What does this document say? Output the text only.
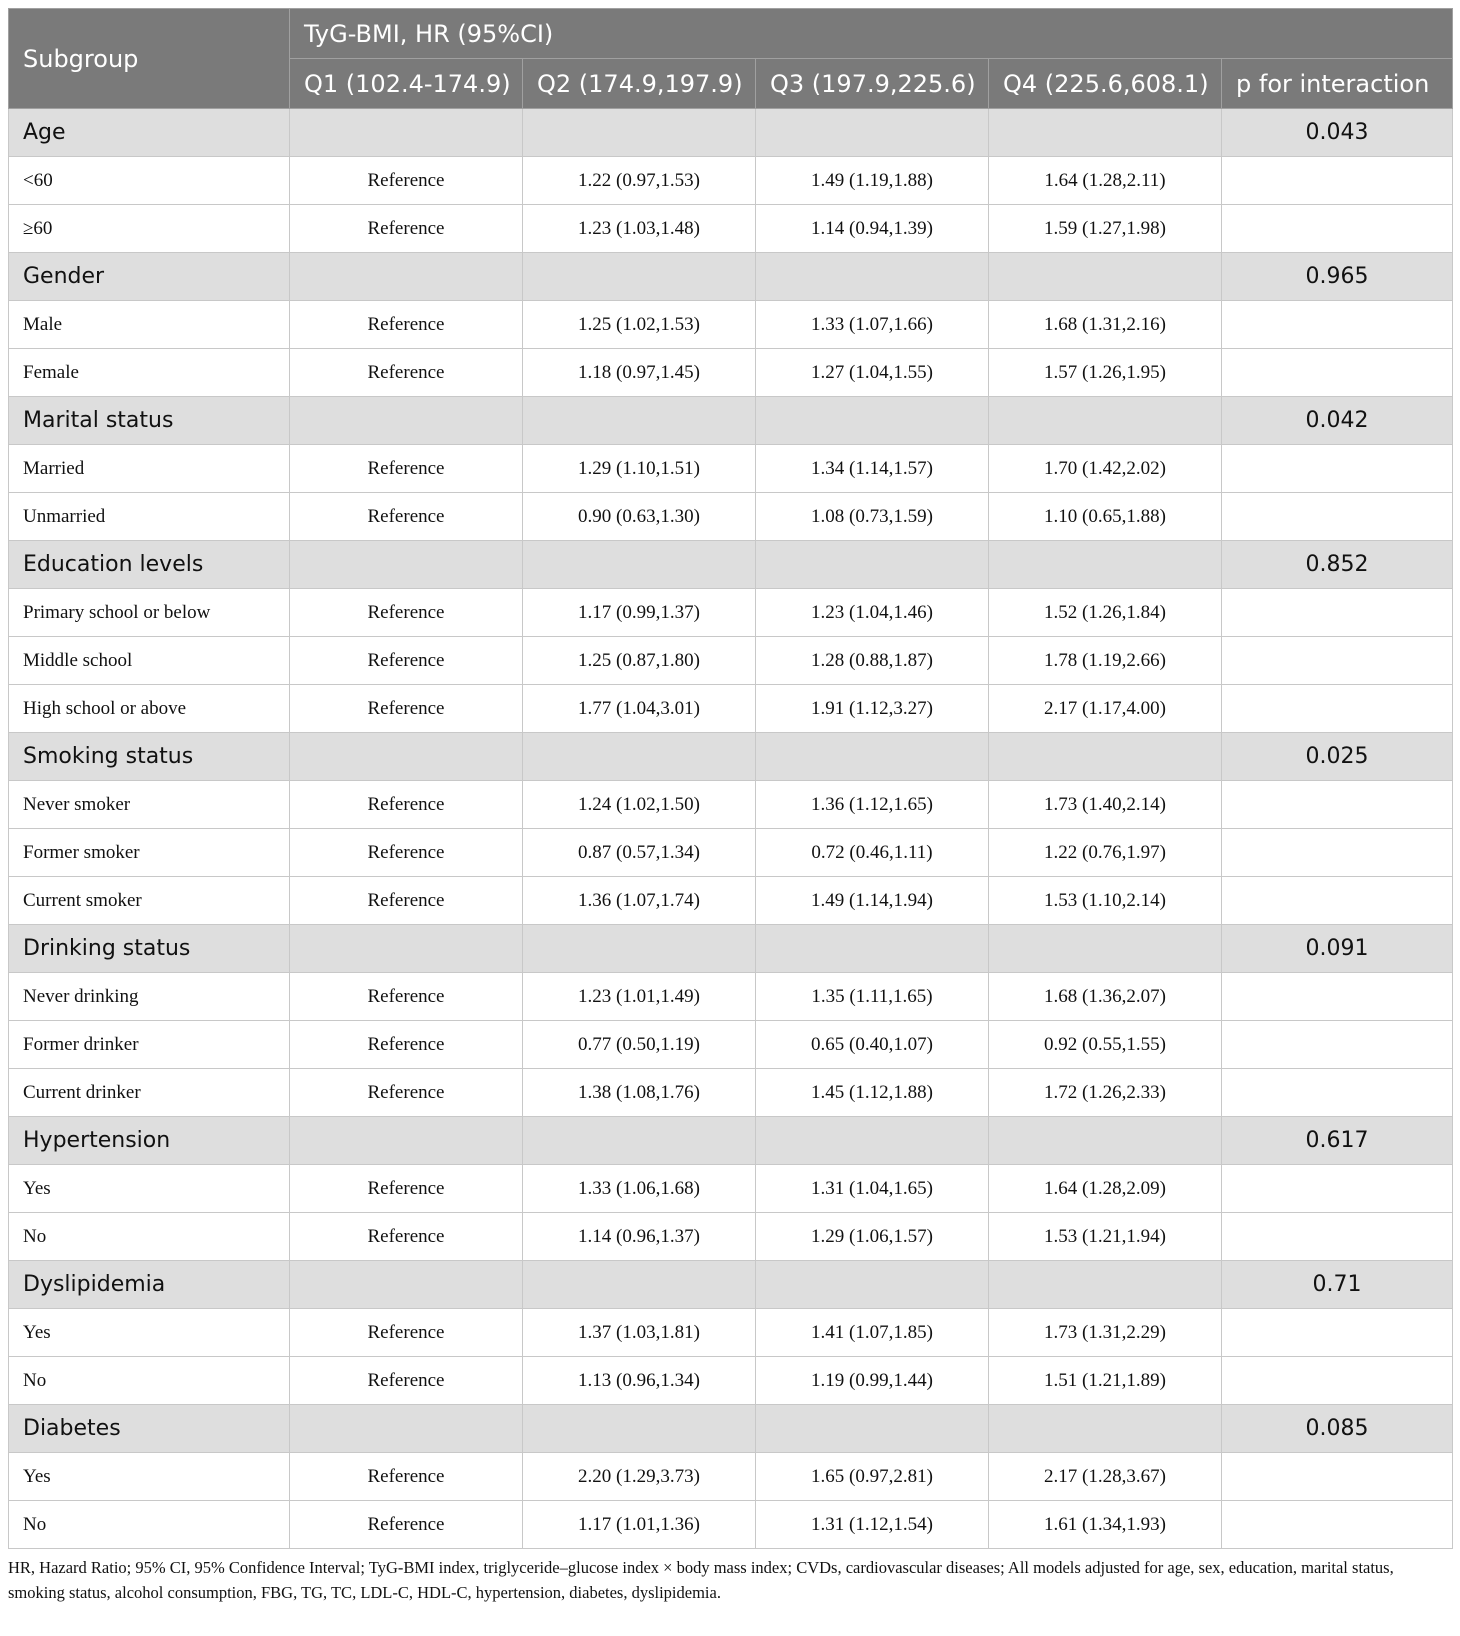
Subgroup	TyG-BMI, HR (95%CI)				
	Q1 (102.4-174.9)	Q2 (174.9,197.9)	Q3 (197.9,225.6)	Q4 (225.6,608.1)	p for interaction
Age					0.043
<60	Reference	1.22 (0.97,1.53)	1.49 (1.19,1.88)	1.64 (1.28,2.11)	
≥60	Reference	1.23 (1.03,1.48)	1.14 (0.94,1.39)	1.59 (1.27,1.98)	
Gender					0.965
Male	Reference	1.25 (1.02,1.53)	1.33 (1.07,1.66)	1.68 (1.31,2.16)	
Female	Reference	1.18 (0.97,1.45)	1.27 (1.04,1.55)	1.57 (1.26,1.95)	
Marital status					0.042
Married	Reference	1.29 (1.10,1.51)	1.34 (1.14,1.57)	1.70 (1.42,2.02)	
Unmarried	Reference	0.90 (0.63,1.30)	1.08 (0.73,1.59)	1.10 (0.65,1.88)	
Education levels					0.852
Primary school or below	Reference	1.17 (0.99,1.37)	1.23 (1.04,1.46)	1.52 (1.26,1.84)	
Middle school	Reference	1.25 (0.87,1.80)	1.28 (0.88,1.87)	1.78 (1.19,2.66)	
High school or above	Reference	1.77 (1.04,3.01)	1.91 (1.12,3.27)	2.17 (1.17,4.00)	
Smoking status					0.025
Never smoker	Reference	1.24 (1.02,1.50)	1.36 (1.12,1.65)	1.73 (1.40,2.14)	
Former smoker	Reference	0.87 (0.57,1.34)	0.72 (0.46,1.11)	1.22 (0.76,1.97)	
Current smoker	Reference	1.36 (1.07,1.74)	1.49 (1.14,1.94)	1.53 (1.10,2.14)	
Drinking status					0.091
Never drinking	Reference	1.23 (1.01,1.49)	1.35 (1.11,1.65)	1.68 (1.36,2.07)	
Former drinker	Reference	0.77 (0.50,1.19)	0.65 (0.40,1.07)	0.92 (0.55,1.55)	
Current drinker	Reference	1.38 (1.08,1.76)	1.45 (1.12,1.88)	1.72 (1.26,2.33)	
Hypertension					0.617
Yes	Reference	1.33 (1.06,1.68)	1.31 (1.04,1.65)	1.64 (1.28,2.09)	
No	Reference	1.14 (0.96,1.37)	1.29 (1.06,1.57)	1.53 (1.21,1.94)	
Dyslipidemia					0.71
Yes	Reference	1.37 (1.03,1.81)	1.41 (1.07,1.85)	1.73 (1.31,2.29)	
No	Reference	1.13 (0.96,1.34)	1.19 (0.99,1.44)	1.51 (1.21,1.89)	
Diabetes					0.085
Yes	Reference	2.20 (1.29,3.73)	1.65 (0.97,2.81)	2.17 (1.28,3.67)	
No	Reference	1.17 (1.01,1.36)	1.31 (1.12,1.54)	1.61 (1.34,1.93)	
HR, Hazard Ratio; 95% CI, 95% Confidence Interval; TyG-BMI index, triglyceride–glucose index × body mass index; CVDs, cardiovascular diseases; All models adjusted for age, sex, education, marital status, smoking status, alcohol consumption, FBG, TG, TC, LDL-C, HDL-C, hypertension, diabetes, dyslipidemia.
